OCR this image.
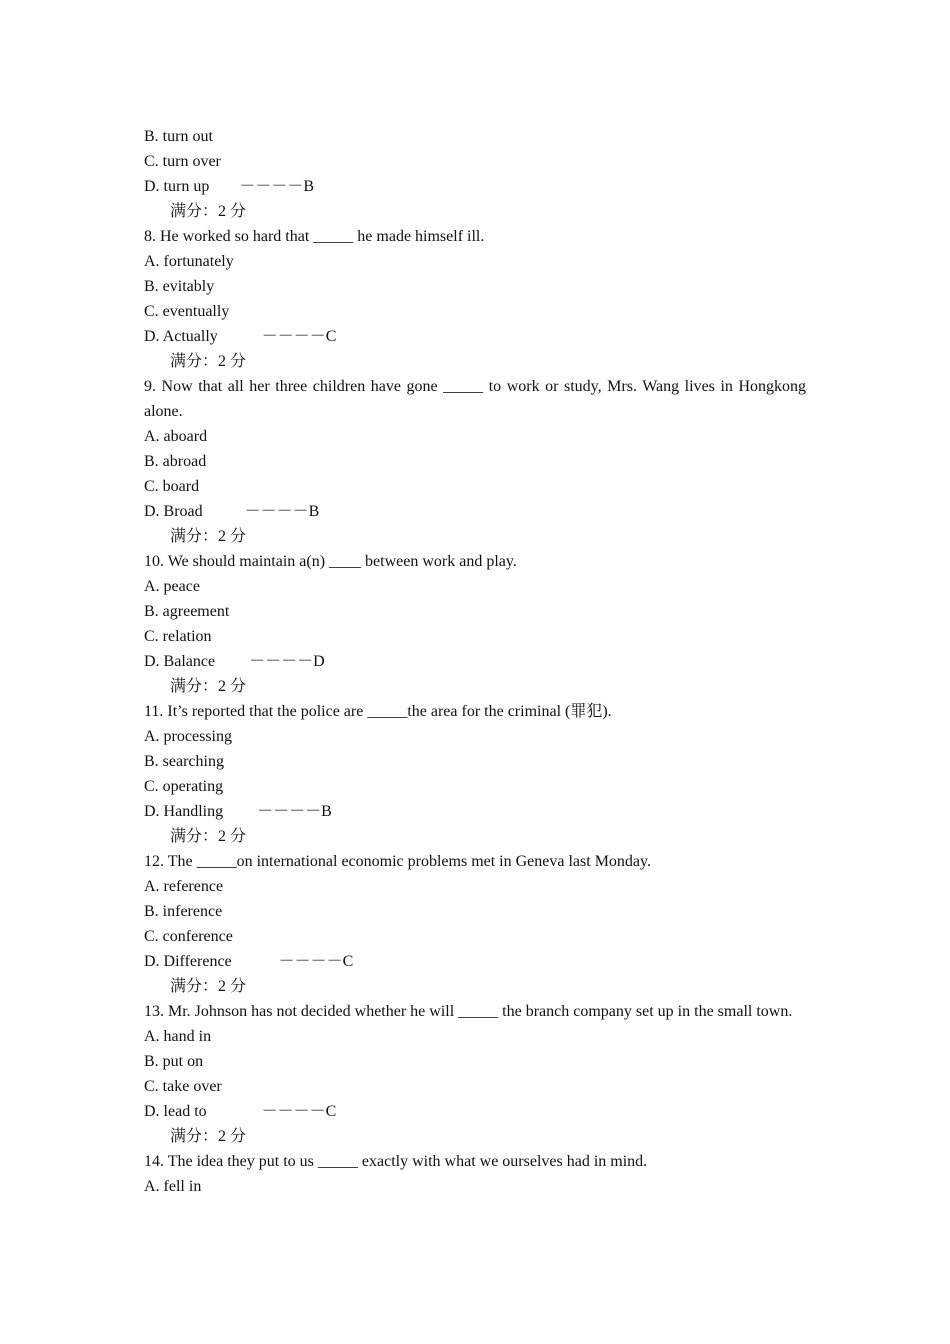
B. turn out
C. turn over
D. turn up －－－－B
满分：2 分
8. He worked so hard that _____ he made himself ill.
A. fortunately
B. evitably
C. eventually
D. Actually	－－－－C
满分：2 分
9. Now that all her three children have gone _____ to work or study, Mrs. Wang lives in Hongkong alone.
A. aboard
B. abroad
C. board
D. Broad	－－－－B
满分：2 分
10. We should maintain a(n) ____ between work and play.
A. peace
B. agreement
C. relation
D. Balance －－－－D
满分：2 分
11. It’s reported that the police are _____the area for the criminal (罪犯).
A. processing
B. searching
C. operating
D. Handling －－－－B
满分：2 分
12. The _____on international economic problems met in Geneva last Monday.
A. reference
B. inference
C. conference
D. Difference	－－－－C
满分：2 分
13. Mr. Johnson has not decided whether he will _____ the branch company set up in the small town.
A. hand in
B. put on
C. take over
D. lead to	－－－－C
满分：2 分
14. The idea they put to us _____ exactly with what we ourselves had in mind.
A. fell in
